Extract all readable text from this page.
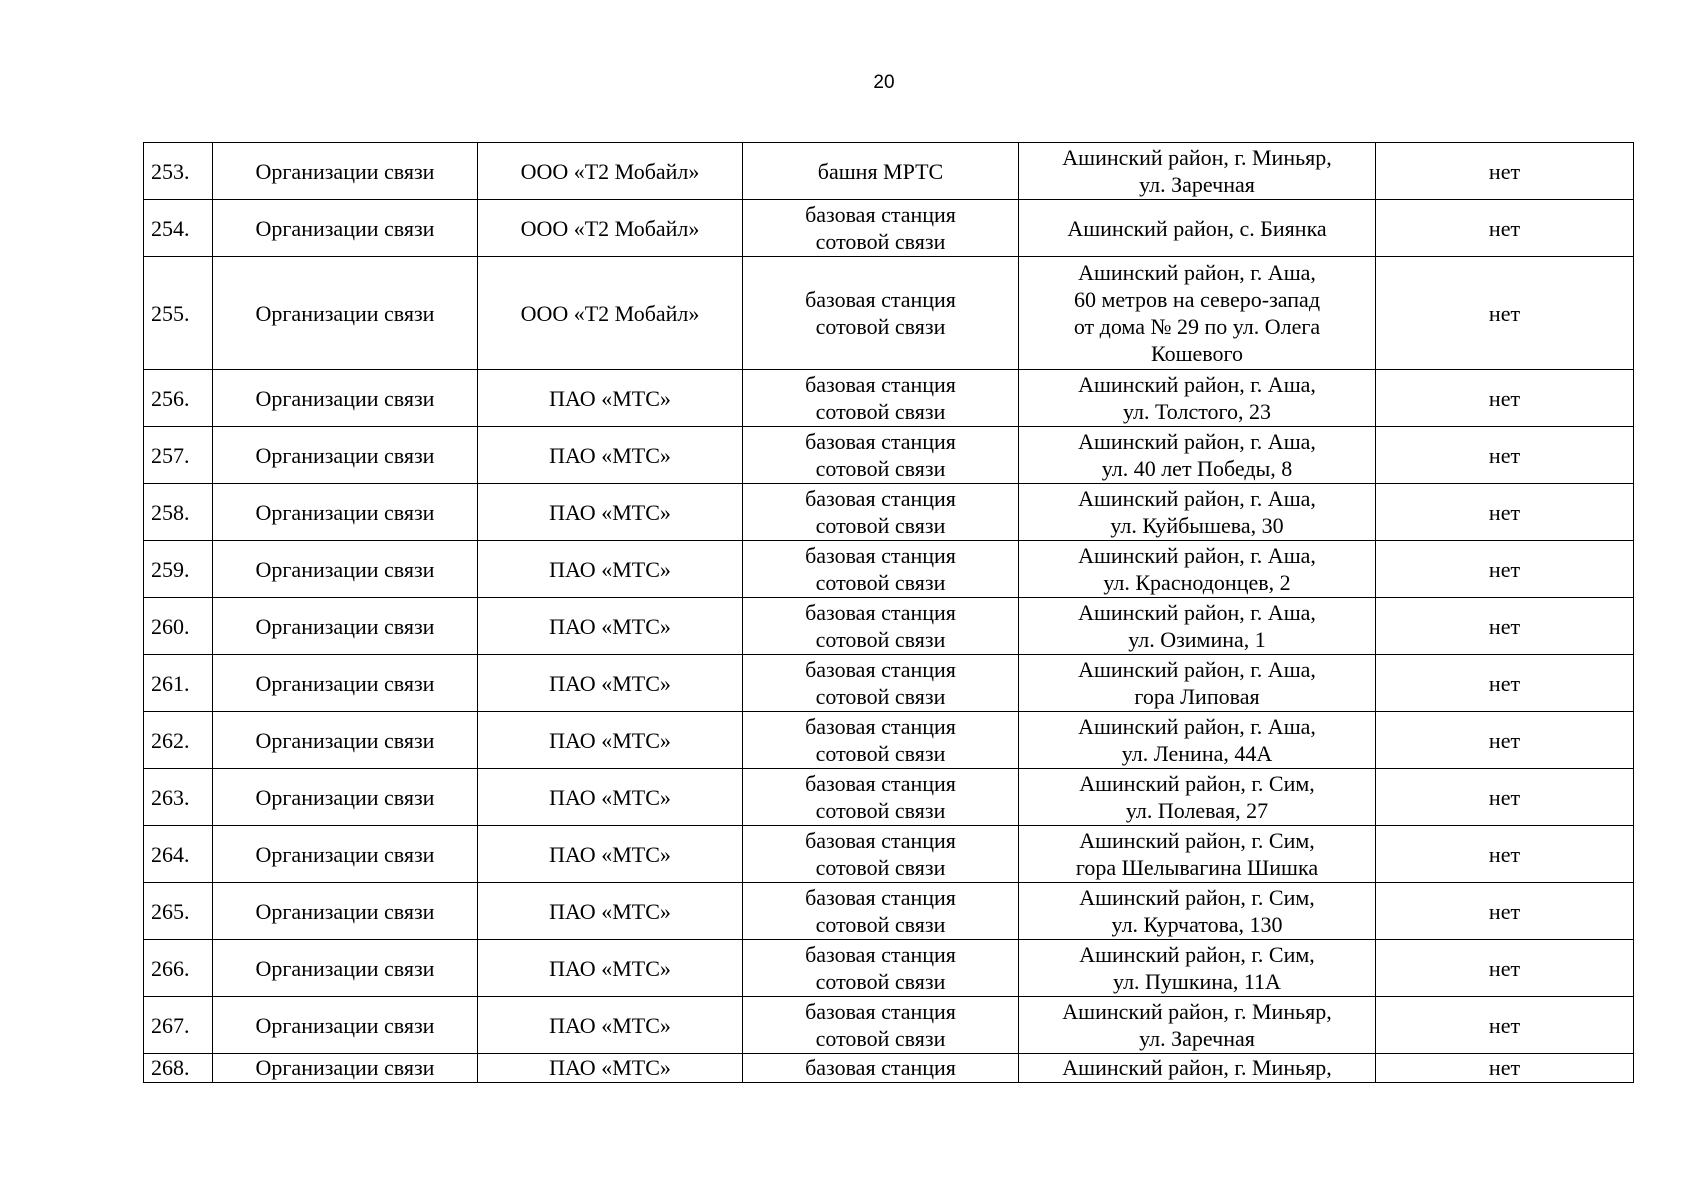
20
253.	Организации связи	ООО «Т2 Мобайл»	башня МРТС	Ашинский район, г. Миньяр,
ул. Заречная	нет

254.	Организации связи	ООО «Т2 Мобайл»	базовая станция
сотовой связи	Ашинский район, с. Биянка	нет

255.	Организации связи	ООО «Т2 Мобайл»	базовая станция
сотовой связи	Ашинский район, г. Аша,
60 метров на северо-запад
от дома № 29 по ул. Олега
Кошевого	нет

256.	Организации связи	ПАО «МТС»	базовая станция
сотовой связи	Ашинский район, г. Аша,
ул. Толстого, 23	нет

257.	Организации связи	ПАО «МТС»	базовая станция
сотовой связи	Ашинский район, г. Аша,
ул. 40 лет Победы, 8	нет

258.	Организации связи	ПАО «МТС»	базовая станция
сотовой связи	Ашинский район, г. Аша,
ул. Куйбышева, 30	нет

259.	Организации связи	ПАО «МТС»	базовая станция
сотовой связи	Ашинский район, г. Аша,
ул. Краснодонцев, 2	нет

260.	Организации связи	ПАО «МТС»	базовая станция
сотовой связи	Ашинский район, г. Аша,
ул. Озимина, 1	нет

261.	Организации связи	ПАО «МТС»	базовая станция
сотовой связи	Ашинский район, г. Аша,
гора Липовая	нет

262.	Организации связи	ПАО «МТС»	базовая станция
сотовой связи	Ашинский район, г. Аша,
ул. Ленина, 44А	нет

263.	Организации связи	ПАО «МТС»	базовая станция
сотовой связи	Ашинский район, г. Сим,
ул. Полевая, 27	нет

264.	Организации связи	ПАО «МТС»	базовая станция
сотовой связи	Ашинский район, г. Сим,
гора Шелывагина Шишка	нет

265.	Организации связи	ПАО «МТС»	базовая станция
сотовой связи	Ашинский район, г. Сим,
ул. Курчатова, 130	нет

266.	Организации связи	ПАО «МТС»	базовая станция
сотовой связи	Ашинский район, г. Сим,
ул. Пушкина, 11А	нет

267.	Организации связи	ПАО «МТС»	базовая станция
сотовой связи	Ашинский район, г. Миньяр,
ул. Заречная	нет

268.	Организации связи	ПАО «МТС»	базовая станция	Ашинский район, г. Миньяр,	нет
